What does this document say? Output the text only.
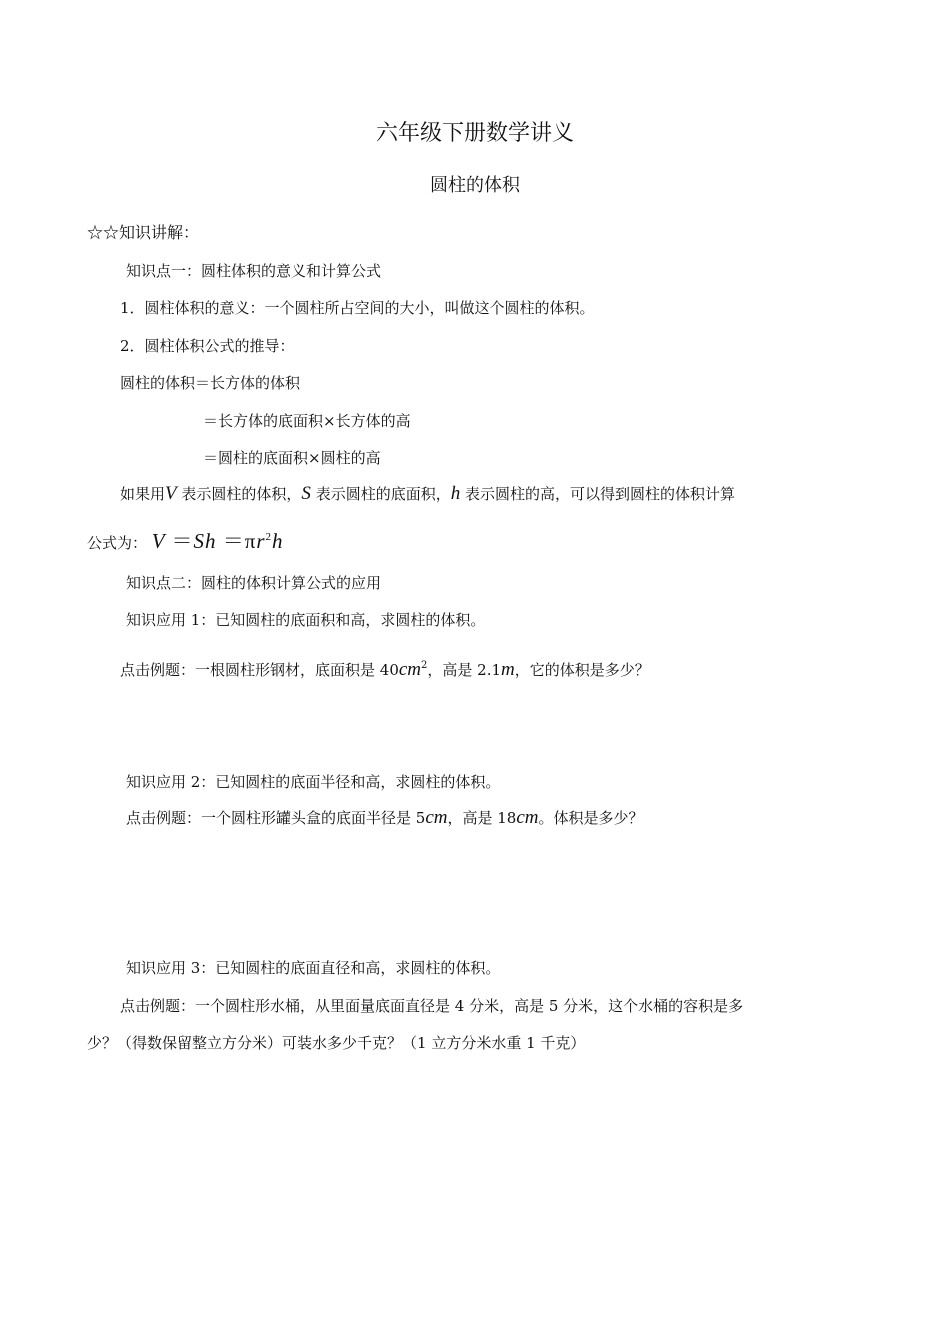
六年级下册数学讲义
圆柱的体积
☆☆知识讲解：
知识点一：圆柱体积的意义和计算公式
1．圆柱体积的意义：一个圆柱所占空间的大小，叫做这个圆柱的体积。
2．圆柱体积公式的推导：
圆柱的体积＝长方体的体积
＝长方体的底面积×长方体的高
＝圆柱的底面积×圆柱的高
如果用V 表示圆柱的体积，S 表示圆柱的底面积，h 表示圆柱的高，可以得到圆柱的体积计算
公式为： $V =Sh =\pi r^2h$
知识点二：圆柱的体积计算公式的应用
知识应用 1：已知圆柱的底面积和高，求圆柱的体积。
点击例题：一根圆柱形钢材，底面积是 $40cm^2$，高是 2.1m，它的体积是多少？
知识应用 2：已知圆柱的底面半径和高，求圆柱的体积。
点击例题：一个圆柱形罐头盒的底面半径是 5cm，高是 18cm。体积是多少？
知识应用 3：已知圆柱的底面直径和高，求圆柱的体积。
点击例题：一个圆柱形水桶，从里面量底面直径是 4 分米，高是 5 分米，这个水桶的容积是多
少？（得数保留整立方分米）可装水多少千克？（1 立方分米水重 1 千克）
